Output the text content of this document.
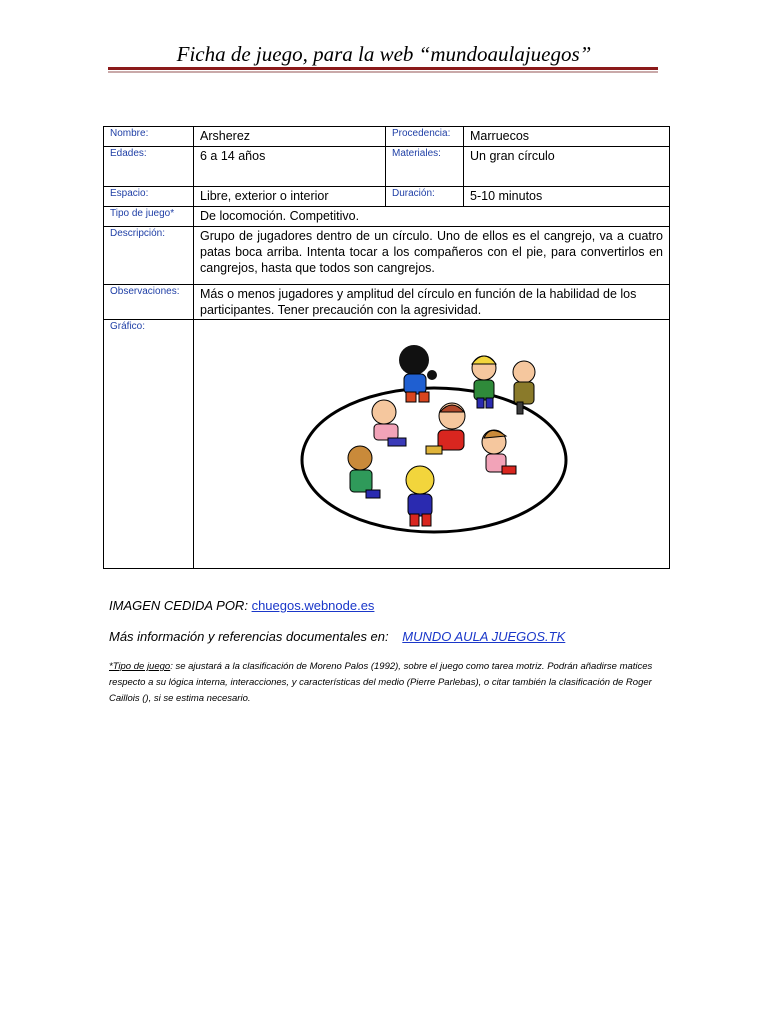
Ficha de juego, para la web “mundoaulajuegos”
Nombre:	Arsherez	Procedencia:	Marruecos
Edades:	6 a 14 años	Materiales:	Un gran círculo
Espacio:	Libre, exterior o interior	Duración:	5-10 minutos
Tipo de juego*	De locomoción. Competitivo.		
Descripción:	Grupo de jugadores dentro de un círculo. Uno de ellos es el cangrejo, va a cuatro patas boca arriba. Intenta tocar a los compañeros con el pie, para convertirlos en cangrejos, hasta que todos son cangrejos.		
Observaciones:	Más o menos jugadores y amplitud del círculo en función de la habilidad de los participantes. Tener precaución con la agresividad.		
Gráfico:	
IMAGEN CEDIDA POR: chuegos.webnode.es
Más información y referencias documentales en: MUNDO AULA JUEGOS.TK
*Tipo de juego: se ajustará a la clasificación de Moreno Palos (1992), sobre el juego como tarea motriz. Podrán añadirse matices respecto a su lógica interna, interacciones, y características del medio (Pierre Parlebas), o citar también la clasificación de Roger Caillois (), si se estima necesario.
